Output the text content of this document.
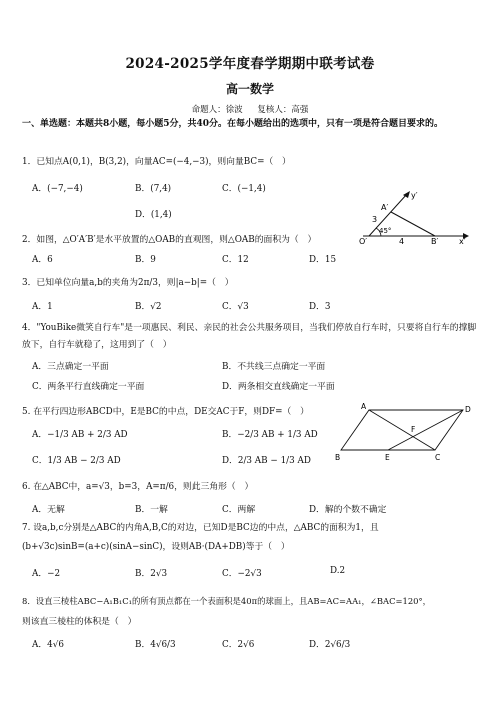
2024-2025学年度春学期期中联考试卷
高一数学
命题人：徐波 复核人：高强
一、单选题：本题共8小题，每小题5分，共40分。在每小题给出的选项中，只有一项是符合题目要求的。
1．已知点A(0,1)，B(3,2)，向量AC=(−4,−3)，则向量BC=（　）
A．(−7,−4)	B．(7,4)	C．(−1,4)
D．(1,4)
y′
A′
3
45°
O′	4	B′	x′
2．如图，△O′A′B′是水平放置的△OAB的直观图，则△OAB的面积为（　）
A．6	B．9	C．12	D．15
3．已知单位向量a,b的夹角为2π/3，则|a−b|=（　）
A．1	B．√2	C．√3	D．3
4．"YouBike微笑自行车"是一项惠民、利民、亲民的社会公共服务项目，当我们停放自行车时，只要将自行车的撑脚放下，自行车就稳了，这用到了（　）
A．三点确定一平面	B．不共线三点确定一平面
C．两条平行直线确定一平面	D．两条相交直线确定一平面
A	D
F
B	E	C
5. 在平行四边形ABCD中，E是BC的中点，DE交AC于F，则DF=（　）
A．−1/3 AB + 2/3 AD	B．−2/3 AB + 1/3 AD
C．1/3 AB − 2/3 AD	D．2/3 AB − 1/3 AD
6. 在△ABC中，a=√3，b=3，A=π/6，则此三角形（　）
A．无解	B．一解	C．两解	D．解的个数不确定
7. 设a,b,c分别是△ABC的内角A,B,C的对边，已知D是BC边的中点，△ABC的面积为1，且
(b+√3c)sinB=(a+c)(sinA−sinC)，设则AB·(DA+DB)等于（　）
A．−2	B．2√3	C．−2√3	D.2
8．设直三棱柱ABC−A₁B₁C₁的所有顶点都在一个表面积是40π的球面上，且AB=AC=AA₁，∠BAC=120°，
则该直三棱柱的体积是（　）
A．4√6	B．4√6/3	C．2√6	D．2√6/3
